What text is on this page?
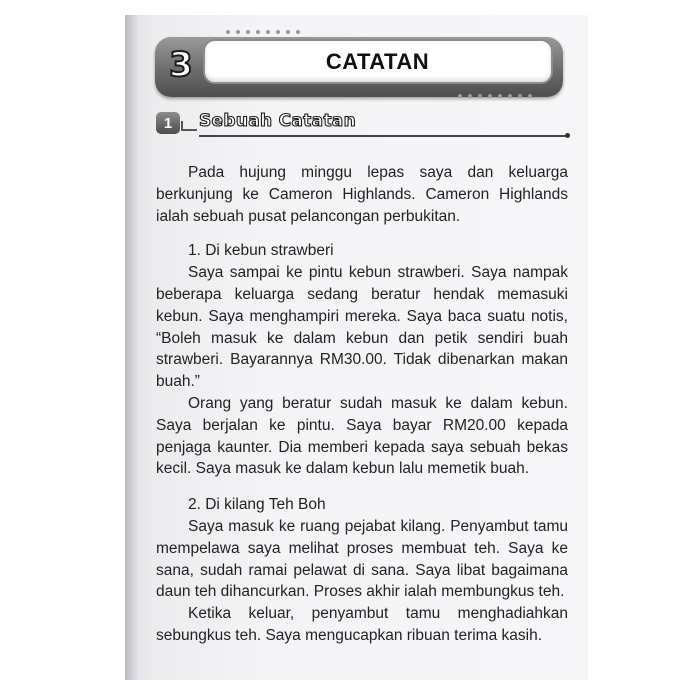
3	CATATAN
1	Sebuah Catatan

Pada hujung minggu lepas saya dan keluarga berkunjung ke Cameron Highlands. Cameron Highlands ialah sebuah pusat pelancongan perbukitan.

1. Di kebun strawberi

Saya sampai ke pintu kebun strawberi. Saya nampak beberapa keluarga sedang beratur hendak memasuki kebun. Saya menghampiri mereka. Saya baca suatu notis, “Boleh masuk ke dalam kebun dan petik sendiri buah strawberi. Bayarannya RM30.00. Tidak dibenarkan makan buah.”

Orang yang beratur sudah masuk ke dalam kebun. Saya berjalan ke pintu. Saya bayar RM20.00 kepada penjaga kaunter. Dia memberi kepada saya sebuah bekas kecil. Saya masuk ke dalam kebun lalu memetik buah.

2. Di kilang Teh Boh

Saya masuk ke ruang pejabat kilang. Penyambut tamu mempelawa saya melihat proses membuat teh. Saya ke sana, sudah ramai pelawat di sana. Saya libat bagaimana daun teh dihancurkan. Proses akhir ialah membungkus teh.

Ketika keluar, penyambut tamu menghadiahkan sebungkus teh. Saya mengucapkan ribuan terima kasih.
